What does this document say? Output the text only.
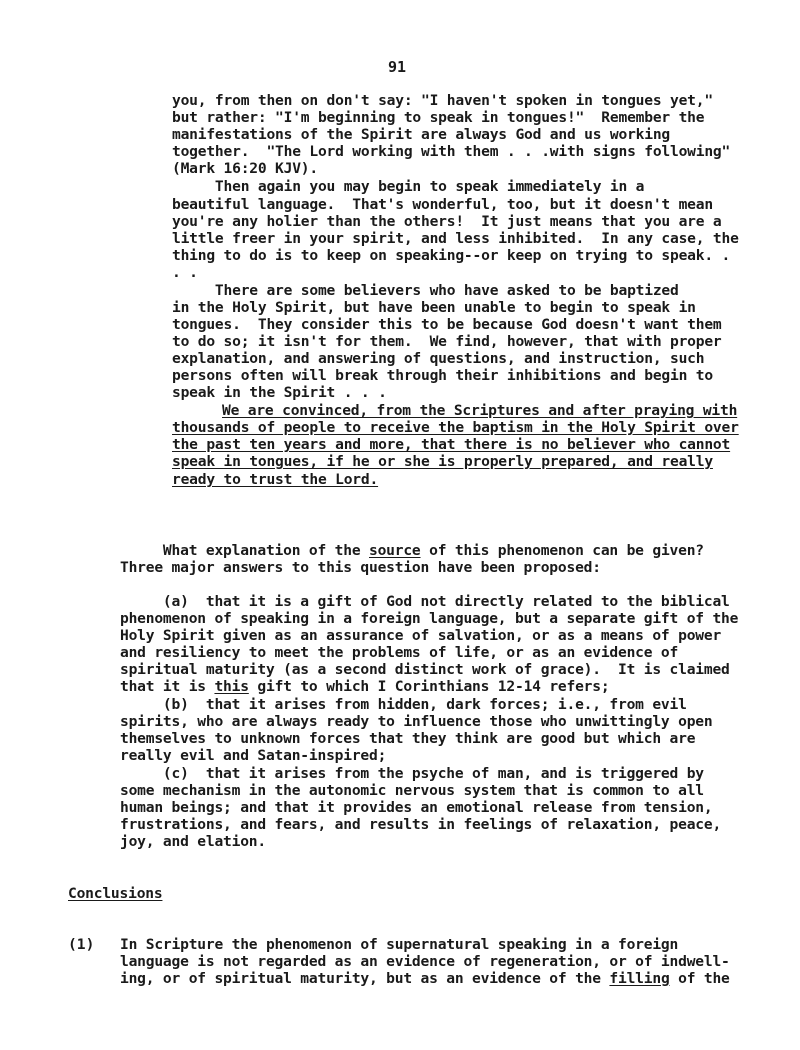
91
you, from then on don't say: "I haven't spoken in tongues yet,"
but rather: "I'm beginning to speak in tongues!"  Remember the
manifestations of the Spirit are always God and us working
together.  "The Lord working with them . . .with signs following"
(Mark 16:20 KJV).
Then again you may begin to speak immediately in a
beautiful language.  That's wonderful, too, but it doesn't mean
you're any holier than the others!  It just means that you are a
little freer in your spirit, and less inhibited.  In any case, the
thing to do is to keep on speaking--or keep on trying to speak. .
. .
There are some believers who have asked to be baptized
in the Holy Spirit, but have been unable to begin to speak in
tongues.  They consider this to be because God doesn't want them
to do so; it isn't for them.  We find, however, that with proper
explanation, and answering of questions, and instruction, such
persons often will break through their inhibitions and begin to
speak in the Spirit . . .
We are convinced, from the Scriptures and after praying with
thousands of people to receive the baptism in the Holy Spirit over
the past ten years and more, that there is no believer who cannot
speak in tongues, if he or she is properly prepared, and really
ready to trust the Lord.
What explanation of the source of this phenomenon can be given?
Three major answers to this question have been proposed:
(a)  that it is a gift of God not directly related to the biblical
phenomenon of speaking in a foreign language, but a separate gift of the
Holy Spirit given as an assurance of salvation, or as a means of power
and resiliency to meet the problems of life, or as an evidence of
spiritual maturity (as a second distinct work of grace).  It is claimed
that it is this gift to which I Corinthians 12-14 refers;
(b)  that it arises from hidden, dark forces; i.e., from evil
spirits, who are always ready to influence those who unwittingly open
themselves to unknown forces that they think are good but which are
really evil and Satan-inspired;
(c)  that it arises from the psyche of man, and is triggered by
some mechanism in the autonomic nervous system that is common to all
human beings; and that it provides an emotional release from tension,
frustrations, and fears, and results in feelings of relaxation, peace,
joy, and elation.
Conclusions
(1) In Scripture the phenomenon of supernatural speaking in a foreign
language is not regarded as an evidence of regeneration, or of indwell-
ing, or of spiritual maturity, but as an evidence of the filling of the
